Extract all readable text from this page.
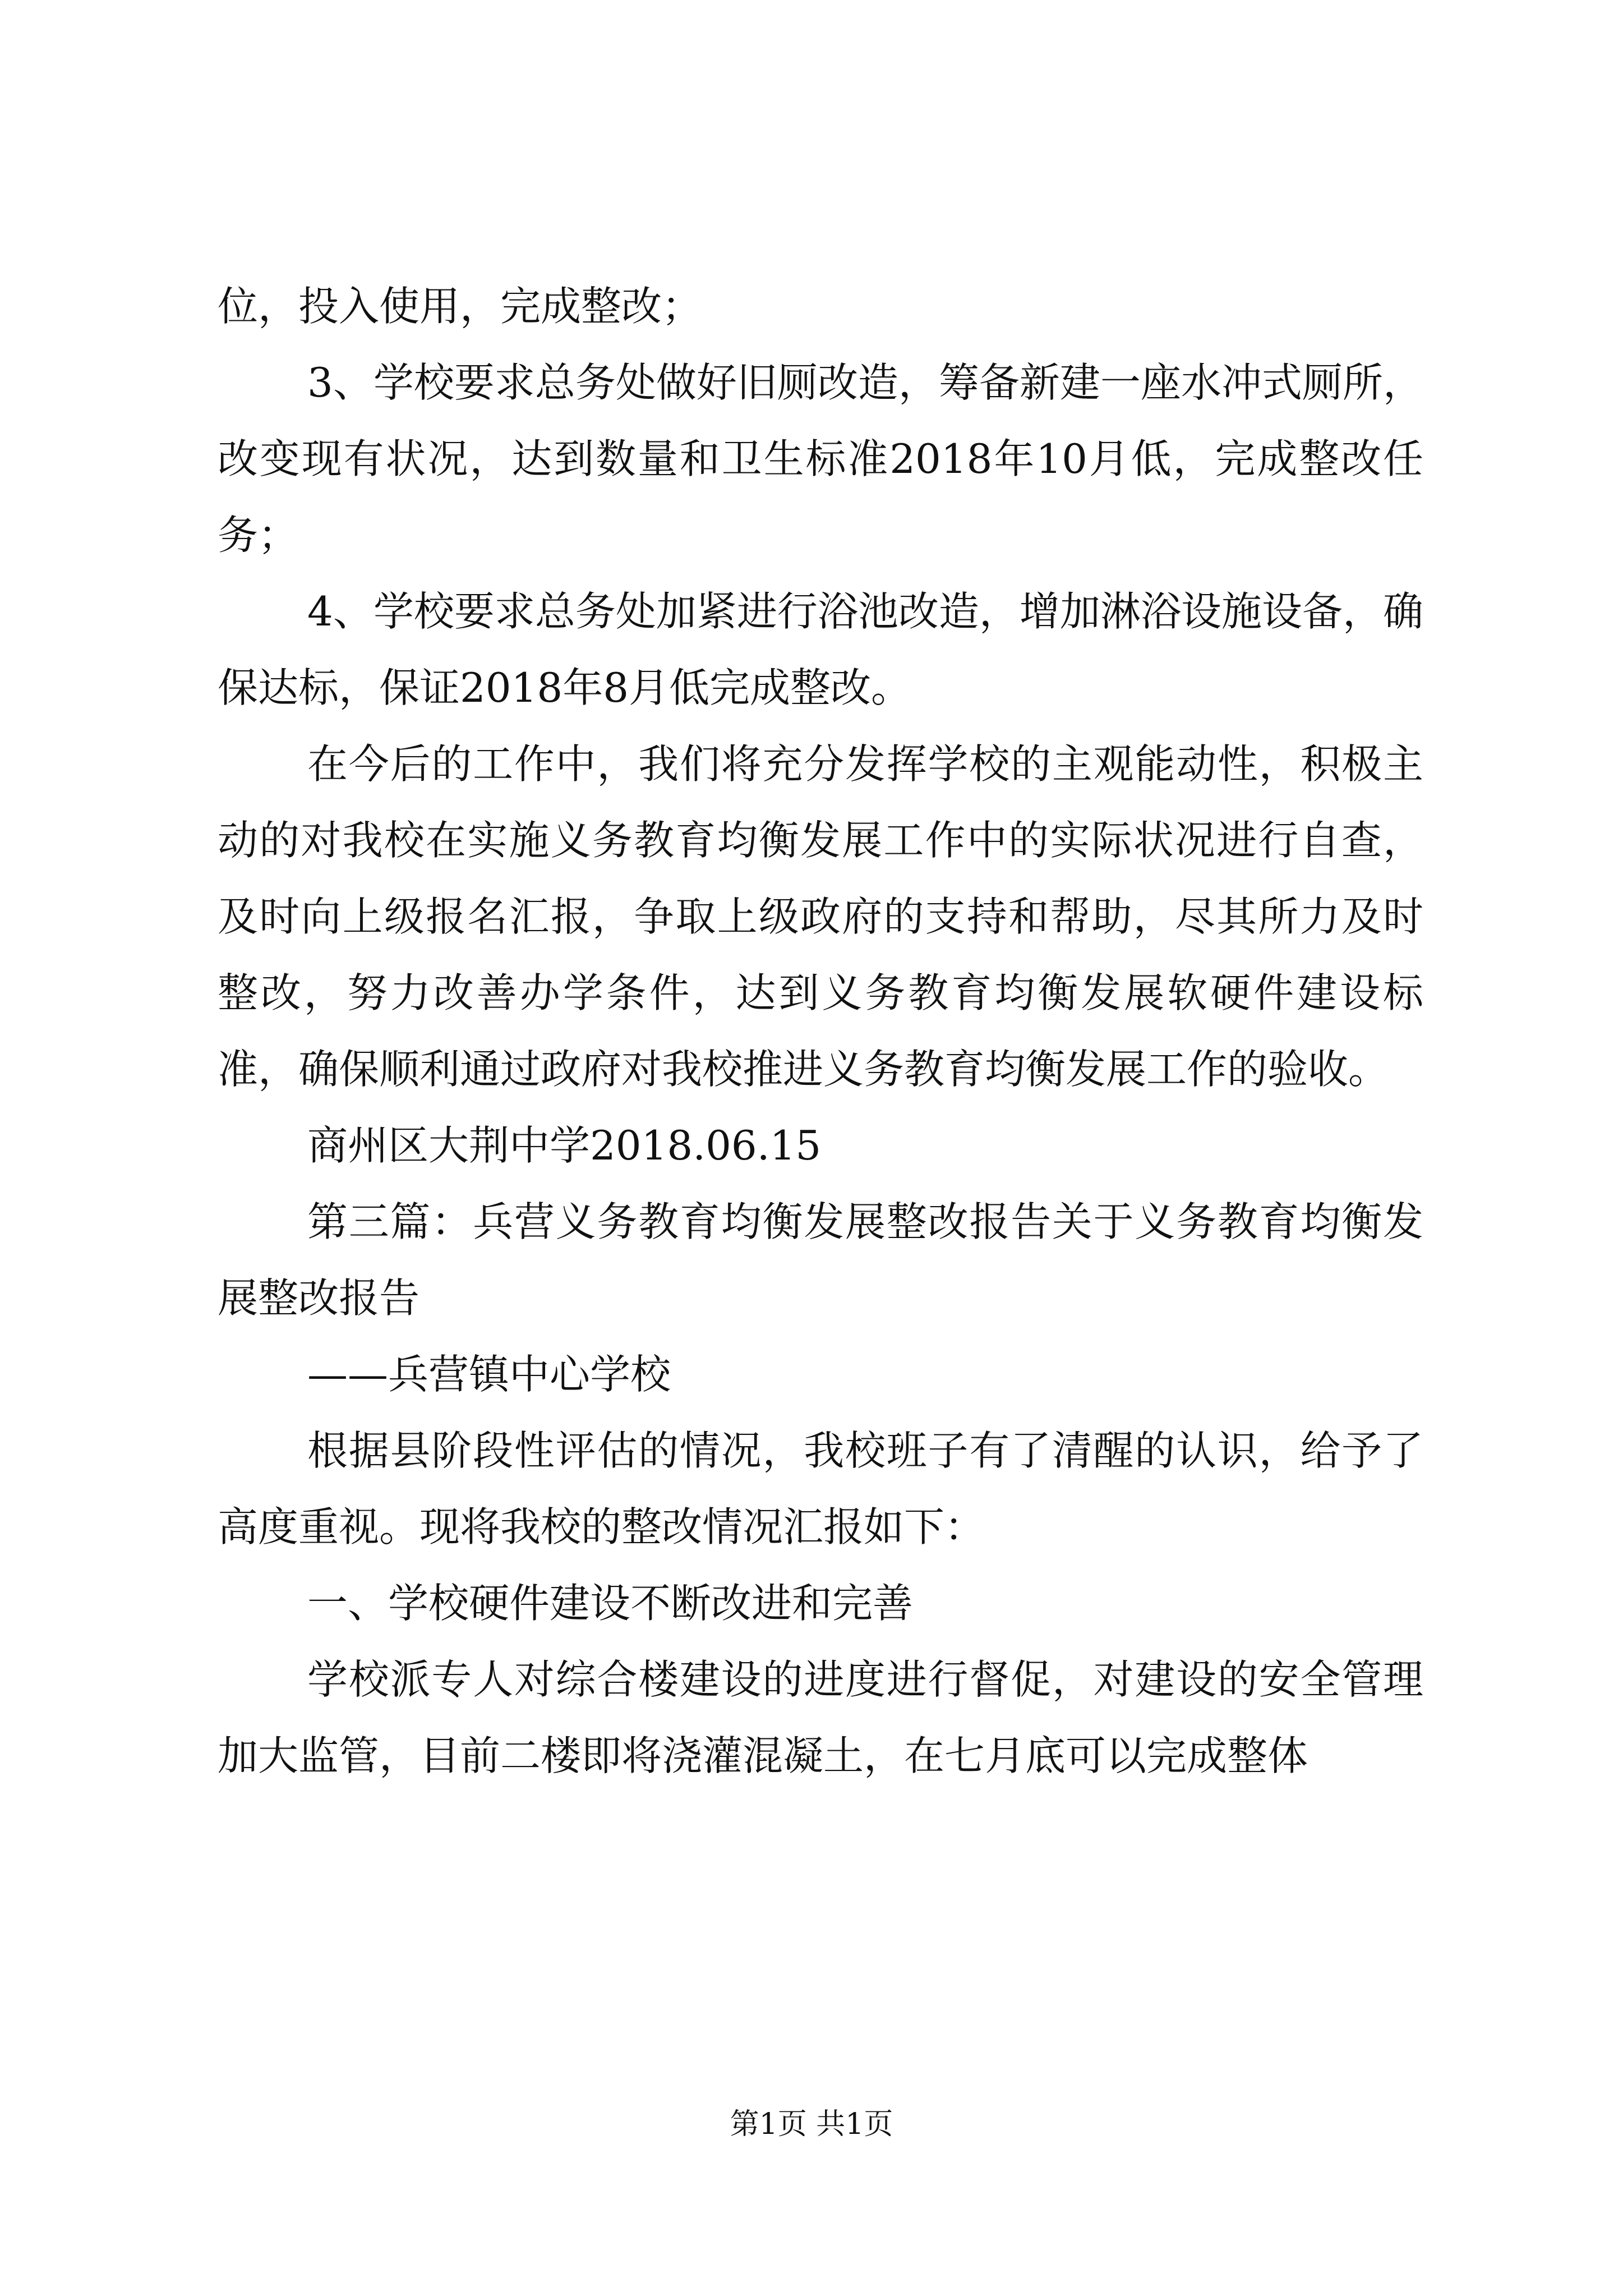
位，投入使用，完成整改；

3、学校要求总务处做好旧厕改造，筹备新建一座水冲式厕所，改变现有状况，达到数量和卫生标准2018年10月低，完成整改任务；

4、学校要求总务处加紧进行浴池改造，增加淋浴设施设备，确保达标，保证2018年8月低完成整改。

在今后的工作中，我们将充分发挥学校的主观能动性，积极主动的对我校在实施义务教育均衡发展工作中的实际状况进行自查，及时向上级报名汇报，争取上级政府的支持和帮助，尽其所力及时整改，努力改善办学条件，达到义务教育均衡发展软硬件建设标准，确保顺利通过政府对我校推进义务教育均衡发展工作的验收。

商州区大荆中学2018.06.15

第三篇：兵营义务教育均衡发展整改报告关于义务教育均衡发展整改报告

——兵营镇中心学校

根据县阶段性评估的情况，我校班子有了清醒的认识，给予了高度重视。现将我校的整改情况汇报如下：

一、学校硬件建设不断改进和完善

学校派专人对综合楼建设的进度进行督促，对建设的安全管理加大监管，目前二楼即将浇灌混凝土，在七月底可以完成整体

第1页 共1页
